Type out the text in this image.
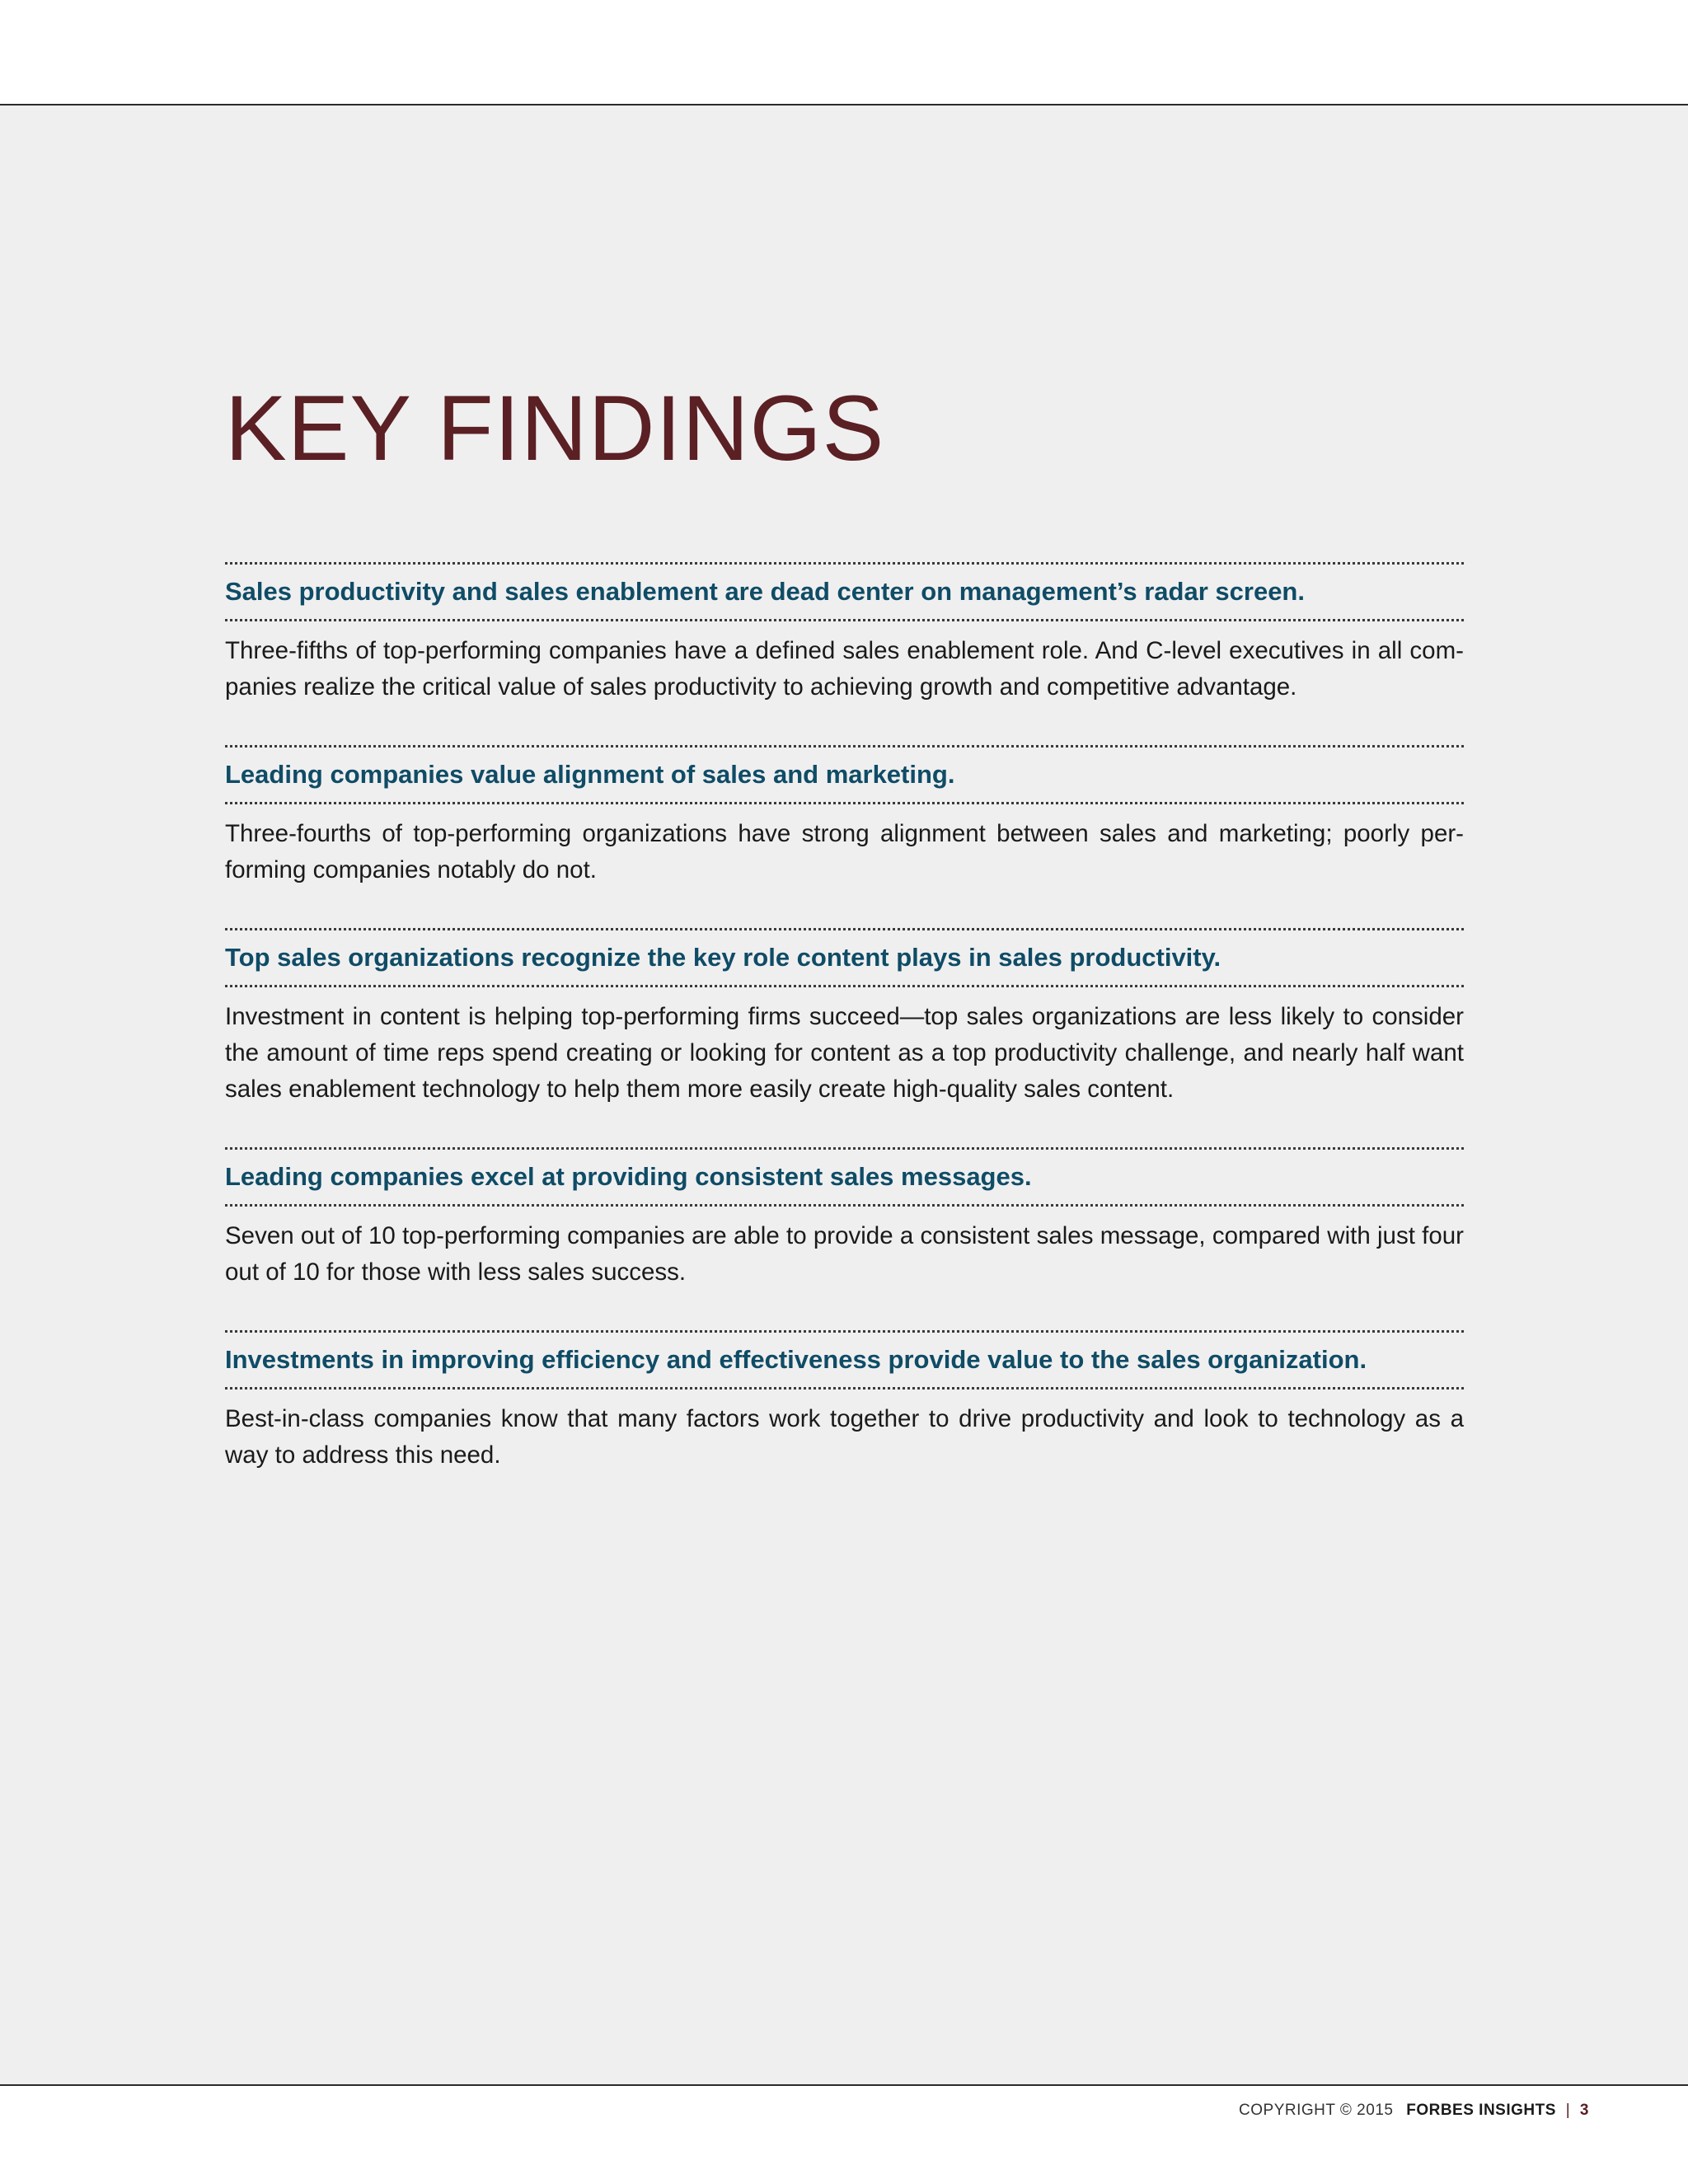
KEY FINDINGS
Sales productivity and sales enablement are dead center on management’s radar screen.

Three-fifths of top-performing companies have a defined sales enablement role. And C-level executives in all companies realize the critical value of sales productivity to achieving growth and competitive advantage.

Leading companies value alignment of sales and marketing.

Three-fourths of top-performing organizations have strong alignment between sales and marketing; poorly performing companies notably do not.

Top sales organizations recognize the key role content plays in sales productivity.

Investment in content is helping top-performing firms succeed—top sales organizations are less likely to consider the amount of time reps spend creating or looking for content as a top productivity challenge, and nearly half want sales enablement technology to help them more easily create high-quality sales content.

Leading companies excel at providing consistent sales messages.

Seven out of 10 top-performing companies are able to provide a consistent sales message, compared with just four out of 10 for those with less sales success.

Investments in improving efficiency and effectiveness provide value to the sales organization.

Best-in-class companies know that many factors work together to drive productivity and look to technology as a way to address this need.

COPYRIGHT © 2015 FORBES INSIGHTS | 3
